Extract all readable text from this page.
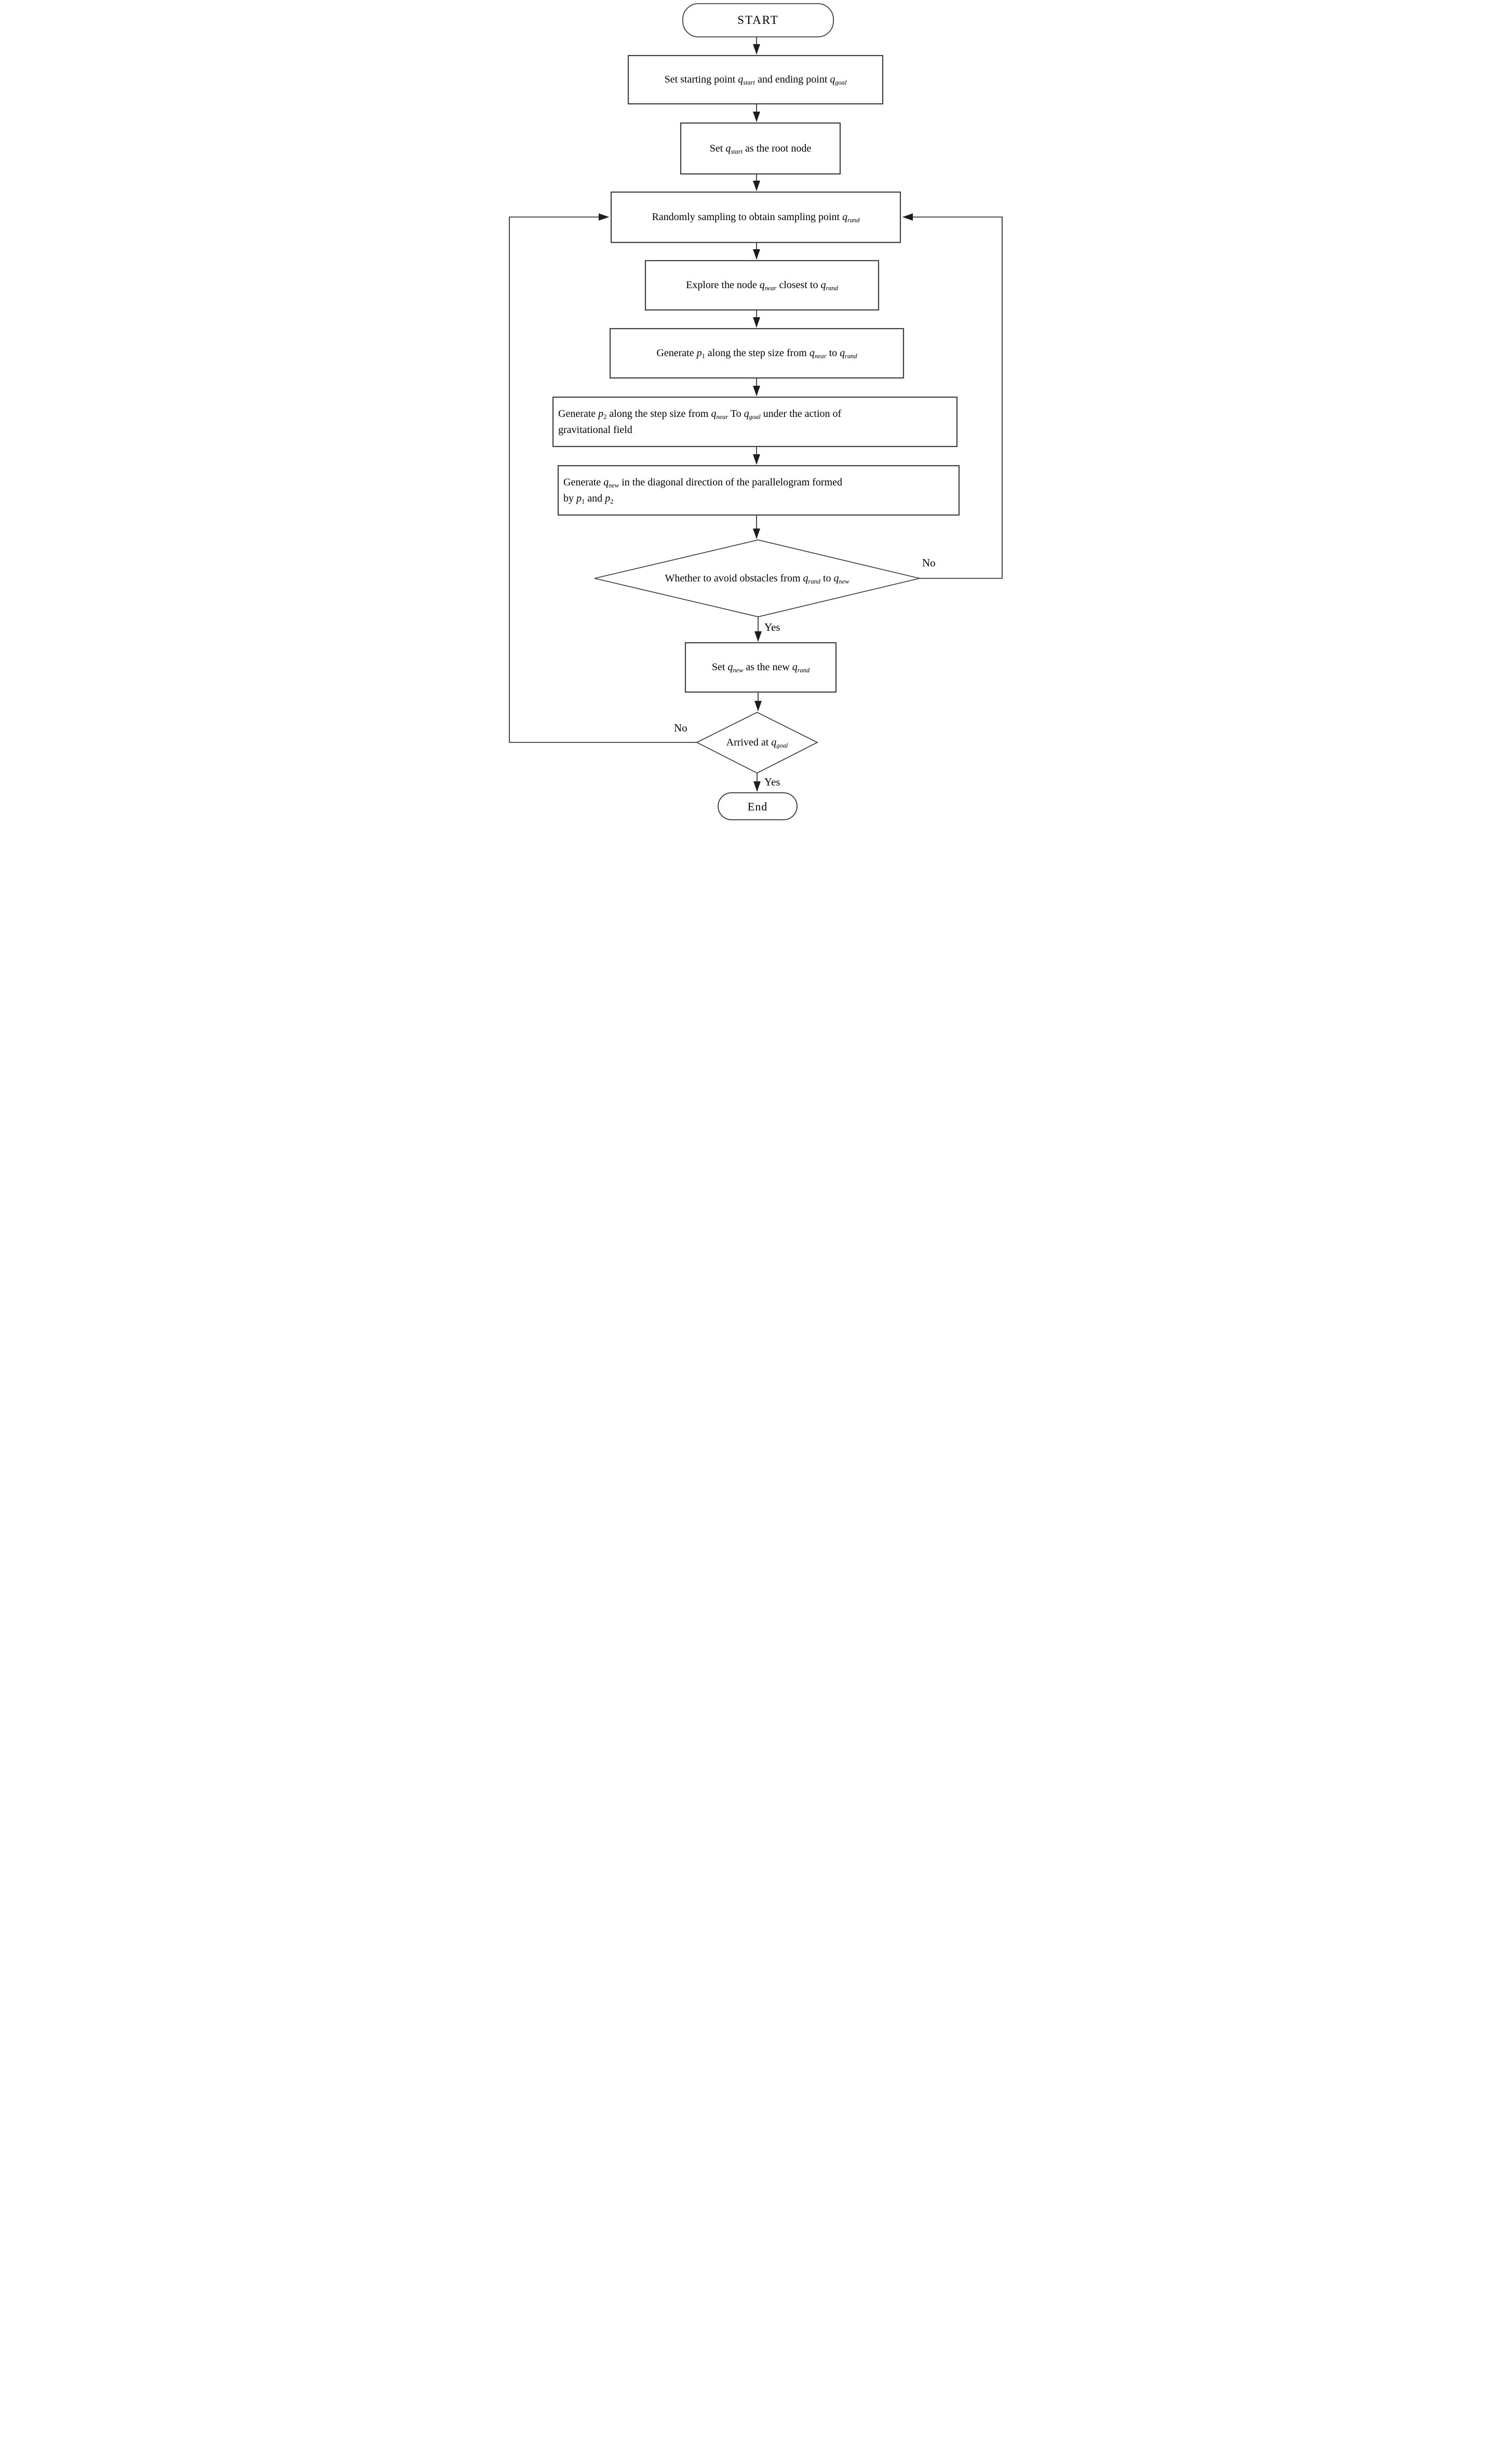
START
Set starting point $q_{start}$ and ending point $q_{goal}$
Set $q_{start}$ as the root node
Randomly sampling to obtain sampling point $q_{rand}$
Explore the node $q_{near}$ closest to $q_{rand}$
Generate $p_1$ along the step size from $q_{near}$ to $q_{rand}$
Generate $p_2$ along the step size from $q_{near}$ To $q_{goal}$ under the action of
gravitational field
Generate $q_{new}$ in the diagonal direction of the parallelogram formed
by $p_1$ and $p_2$
Whether to avoid obstacles from $q_{rand}$ to $q_{new}$
Set $q_{new}$ as the new $q_{rand}$
Arrived at $q_{goal}$
End
No
Yes
No
Yes
